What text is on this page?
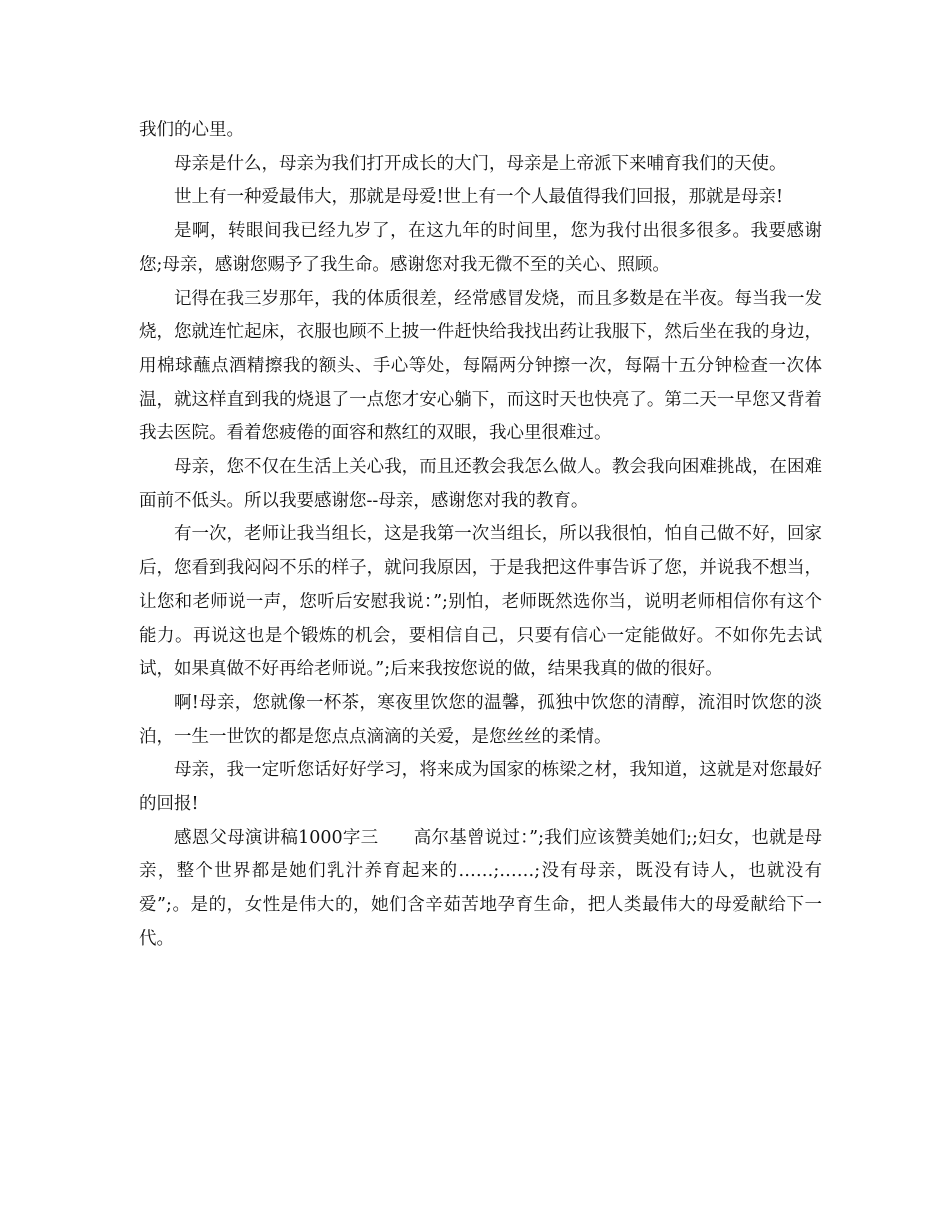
我们的心里。

母亲是什么，母亲为我们打开成长的大门，母亲是上帝派下来哺育我们的天使。

世上有一种爱最伟大，那就是母爱!世上有一个人最值得我们回报，那就是母亲!

是啊，转眼间我已经九岁了，在这九年的时间里，您为我付出很多很多。我要感谢您;母亲，感谢您赐予了我生命。感谢您对我无微不至的关心、照顾。

记得在我三岁那年，我的体质很差，经常感冒发烧，而且多数是在半夜。每当我一发烧，您就连忙起床，衣服也顾不上披一件赶快给我找出药让我服下，然后坐在我的身边，用棉球蘸点酒精擦我的额头、手心等处，每隔两分钟擦一次，每隔十五分钟检查一次体温，就这样直到我的烧退了一点您才安心躺下，而这时天也快亮了。第二天一早您又背着我去医院。看着您疲倦的面容和熬红的双眼，我心里很难过。

母亲，您不仅在生活上关心我，而且还教会我怎么做人。教会我向困难挑战，在困难面前不低头。所以我要感谢您--母亲，感谢您对我的教育。

有一次，老师让我当组长，这是我第一次当组长，所以我很怕，怕自己做不好，回家后，您看到我闷闷不乐的样子，就问我原因，于是我把这件事告诉了您，并说我不想当，让您和老师说一声，您听后安慰我说：”;别怕，老师既然选你当，说明老师相信你有这个能力。再说这也是个锻炼的机会，要相信自己，只要有信心一定能做好。不如你先去试试，如果真做不好再给老师说。”;后来我按您说的做，结果我真的做的很好。

啊!母亲，您就像一杯茶，寒夜里饮您的温馨，孤独中饮您的清醇，流泪时饮您的淡泊，一生一世饮的都是您点点滴滴的关爱，是您丝丝的柔情。

母亲，我一定听您话好好学习，将来成为国家的栋梁之材，我知道，这就是对您最好的回报!

感恩父母演讲稿1000字三　　高尔基曾说过：”;我们应该赞美她们;;妇女，也就是母亲，整个世界都是她们乳汁养育起来的……;……;没有母亲，既没有诗人，也就没有爱”;。是的，女性是伟大的，她们含辛茹苦地孕育生命，把人类最伟大的母爱献给下一代。
